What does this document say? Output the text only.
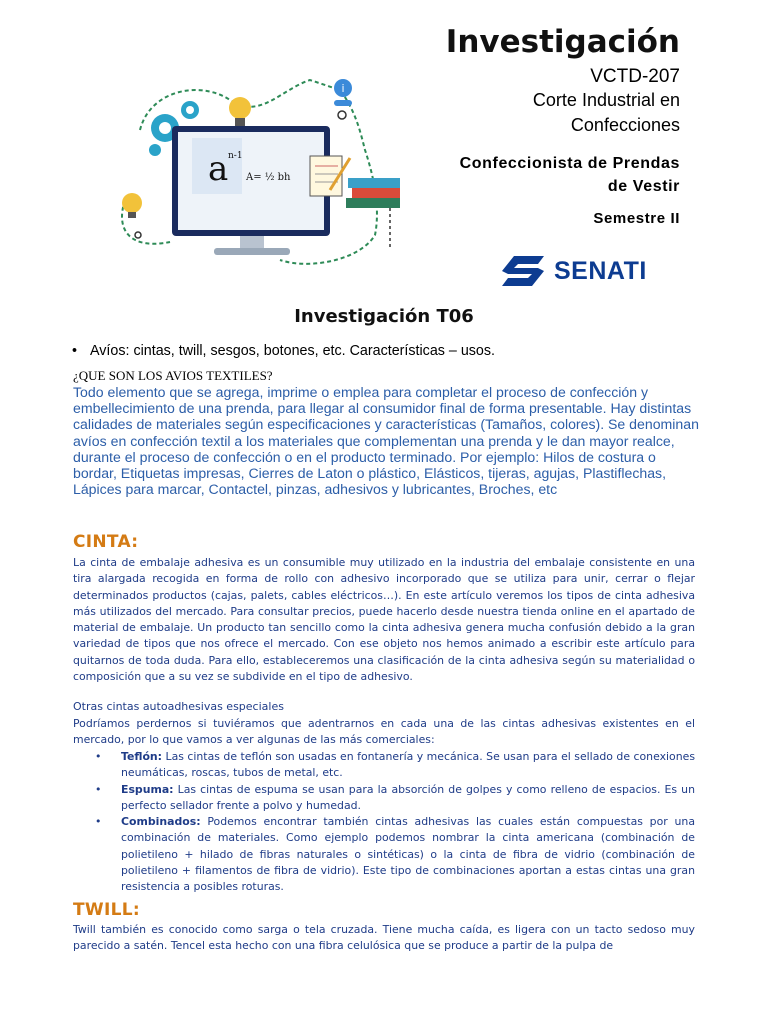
i
a n-1
A= ½ bh
Investigación
VCTD-207
Corte Industrial en
Confecciones
Confeccionista de Prendas
de Vestir
Semestre II
SENATI
Investigación T06
• Avíos: cintas, twill, sesgos, botones, etc. Características – usos.
¿QUE SON LOS AVIOS TEXTILES?
Todo elemento que se agrega, imprime o emplea para completar el proceso de confección y embellecimiento de una prenda, para llegar al consumidor final de forma presentable. Hay distintas calidades de materiales según especificaciones y características (Tamaños, colores). Se denominan avíos en confección textil a los materiales que complementan una prenda y le dan mayor realce, durante el proceso de confección o en el producto terminado. Por ejemplo: Hilos de costura o bordar, Etiquetas impresas, Cierres de Laton o plástico, Elásticos, tijeras, agujas, Plastiflechas, Lápices para marcar, Contactel, pinzas, adhesivos y lubricantes, Broches, etc
CINTA:
La cinta de embalaje adhesiva es un consumible muy utilizado en la industria del embalaje consistente en una tira alargada recogida en forma de rollo con adhesivo incorporado que se utiliza para unir, cerrar o flejar determinados productos (cajas, palets, cables eléctricos…). En este artículo veremos los tipos de cinta adhesiva más utilizados del mercado. Para consultar precios, puede hacerlo desde nuestra tienda online en el apartado de material de embalaje. Un producto tan sencillo como la cinta adhesiva genera mucha confusión debido a la gran variedad de tipos que nos ofrece el mercado. Con ese objeto nos hemos animado a escribir este artículo para quitarnos de toda duda. Para ello, estableceremos una clasificación de la cinta adhesiva según su materialidad o composición que a su vez se subdivide en el tipo de adhesivo.
Otras cintas autoadhesivas especiales
Podríamos perdernos si tuviéramos que adentrarnos en cada una de las cintas adhesivas existentes en el mercado, por lo que vamos a ver algunas de las más comerciales:
• Teflón: Las cintas de teflón son usadas en fontanería y mecánica. Se usan para el sellado de conexiones neumáticas, roscas, tubos de metal, etc.
• Espuma: Las cintas de espuma se usan para la absorción de golpes y como relleno de espacios. Es un perfecto sellador frente a polvo y humedad.
• Combinados: Podemos encontrar también cintas adhesivas las cuales están compuestas por una combinación de materiales. Como ejemplo podemos nombrar la cinta americana (combinación de polietileno + hilado de fibras naturales o sintéticas) o la cinta de fibra de vidrio (combinación de polietileno + filamentos de fibra de vidrio). Este tipo de combinaciones aportan a estas cintas una gran resistencia a posibles roturas.
TWILL:
Twill también es conocido como sarga o tela cruzada. Tiene mucha caída, es ligera con un tacto sedoso muy parecido a satén. Tencel esta hecho con una fibra celulósica que se produce a partir de la pulpa de
